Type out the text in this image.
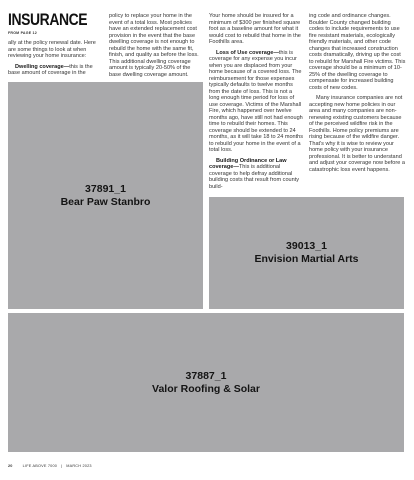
INSURANCE
FROM PAGE 12

ally at the policy renewal date. Here are some things to look at when reviewing your home insurance:

Dwelling coverage—this is the base amount of coverage in the

policy to replace your home in the event of a total loss. Most policies have an extended replacement cost provision in the event that the base dwelling coverage is not enough to rebuild the home with the same fit, finish, and quality as before the loss. This additional dwelling coverage amount is typically 20-50% of the base dwelling coverage amount.

Your home should be insured for a minimum of $300 per finished square foot as a baseline amount for what it would cost to rebuild that home in the Foothills area.

Loss of Use coverage—this is coverage for any expense you incur when you are displaced from your home because of a covered loss. The reimbursement for those expenses typically defaults to twelve months from the date of loss. This is not a long enough time period for loss of use coverage. Victims of the Marshall Fire, which happened over twelve months ago, have still not had enough time to rebuild their homes. This coverage should be extended to 24 months, as it will take 18 to 24 months to rebuild your home in the event of a total loss.

Building Ordinance or Law coverage—This is additional coverage to help defray additional building costs that result from county build-

ing code and ordinance changes. Boulder County changed building codes to include requirements to use fire resistant materials, ecologically friendly materials, and other code changes that increased construction costs dramatically, driving up the cost to rebuild for Marshall Fire victims. This coverage should be a minimum of 10-25% of the dwelling coverage to compensate for increased building costs of new codes.

Many insurance companies are not accepting new home policies in our area and many companies are non-renewing existing customers because of the perceived wildfire risk in the Foothills. Home policy premiums are rising because of the wildfire danger. That's why it is wise to review your home policy with your insurance professional. It is better to understand and adjust your coverage now before a catastrophic loss event happens.

37891_1
Bear Paw Stanbro
39013_1
Envision Martial Arts
37887_1
Valor Roofing & Solar
20	LIFE ABOVE 7000 | MARCH 2023
